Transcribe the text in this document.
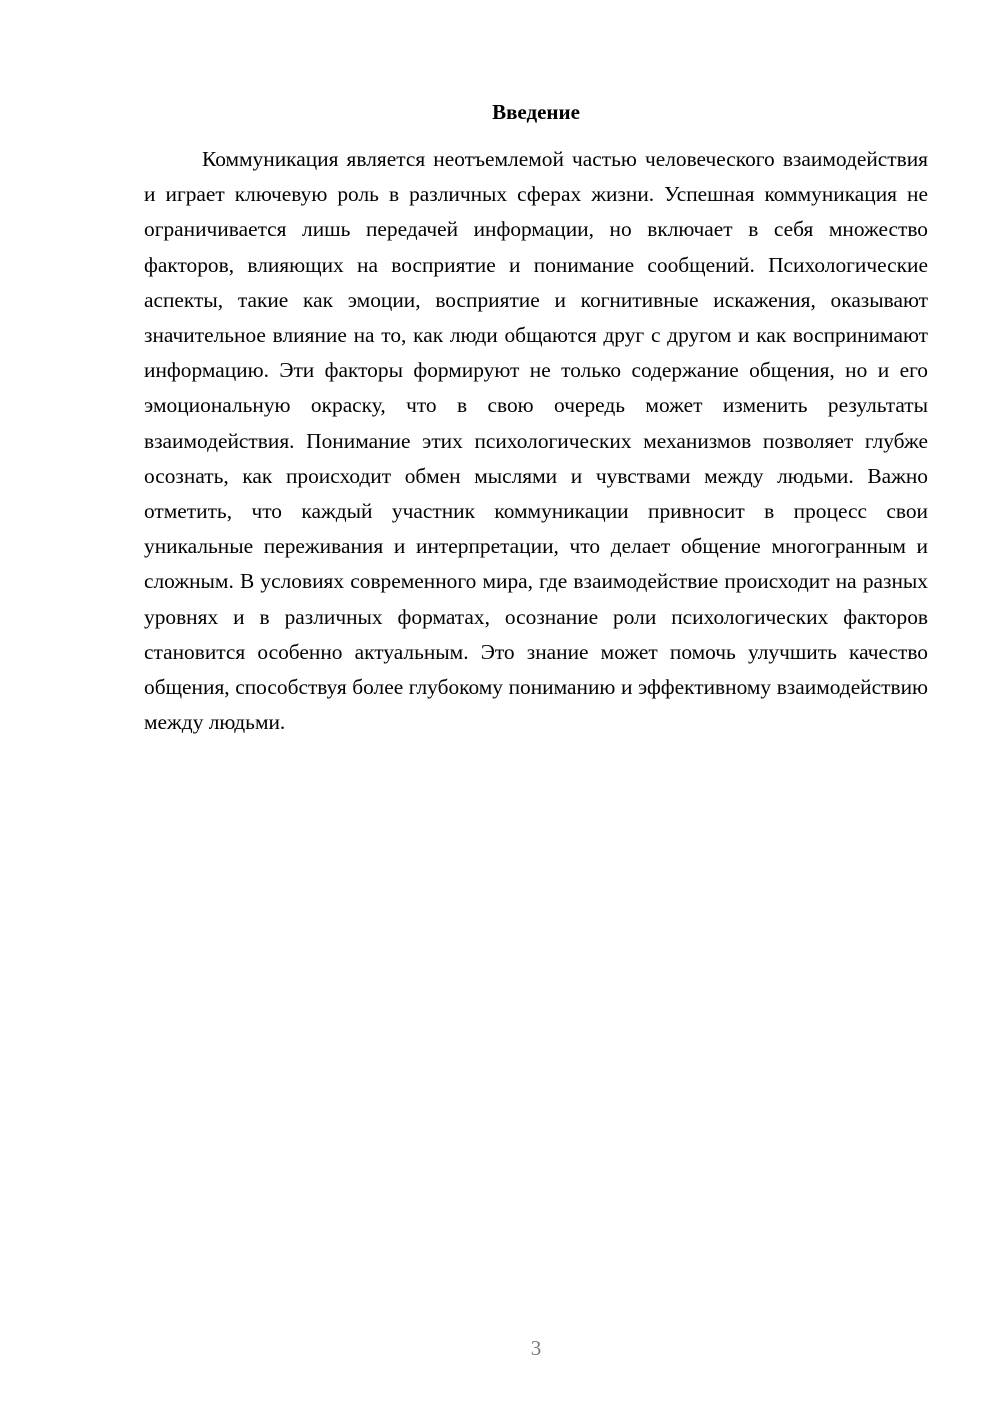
Введение

Коммуникация является неотъемлемой частью человеческого взаимодействия и играет ключевую роль в различных сферах жизни. Успешная коммуникация не ограничивается лишь передачей информации, но включает в себя множество факторов, влияющих на восприятие и понимание сообщений. Психологические аспекты, такие как эмоции, восприятие и когнитивные искажения, оказывают значительное влияние на то, как люди общаются друг с другом и как воспринимают информацию. Эти факторы формируют не только содержание общения, но и его эмоциональную окраску, что в свою очередь может изменить результаты взаимодействия. Понимание этих психологических механизмов позволяет глубже осознать, как происходит обмен мыслями и чувствами между людьми. Важно отметить, что каждый участник коммуникации привносит в процесс свои уникальные переживания и интерпретации, что делает общение многогранным и сложным. В условиях современного мира, где взаимодействие происходит на разных уровнях и в различных форматах, осознание роли психологических факторов становится особенно актуальным. Это знание может помочь улучшить качество общения, способствуя более глубокому пониманию и эффективному взаимодействию между людьми.

3
